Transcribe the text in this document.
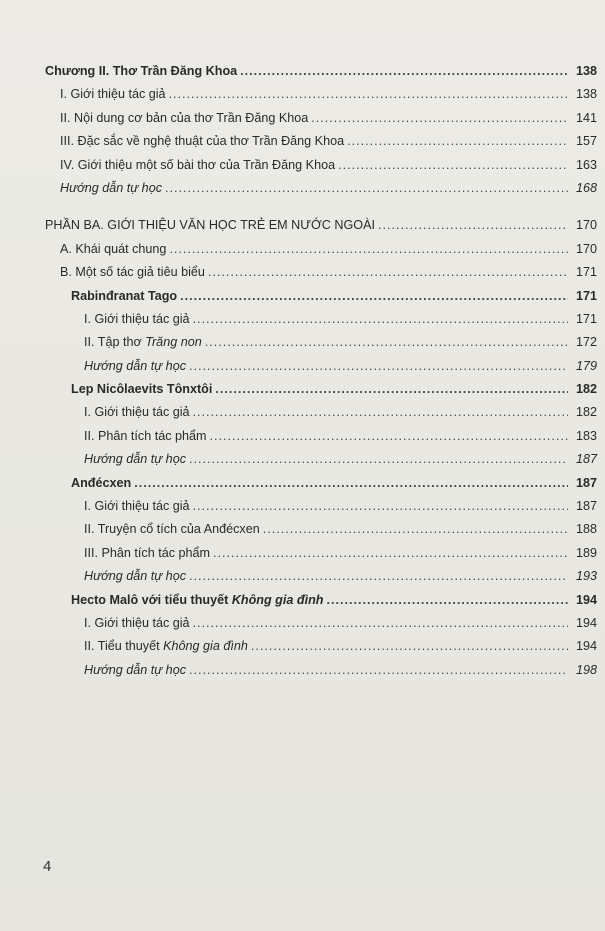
Chương II. Thơ Trần Đăng Khoa .....	138
I. Giới thiệu tác giả .....	138
II. Nội dung cơ bản của thơ Trần Đăng Khoa .....	141
III. Đặc sắc về nghệ thuật của thơ Trần Đăng Khoa .....	157
IV. Giới thiệu một số bài thơ của Trần Đăng Khoa .....	163
Hướng dẫn tự học .....	168
PHẦN BA. GIỚI THIỆU VĂN HỌC TRẺ EM NƯỚC NGOÀI .....	170
A. Khái quát chung .....	170
B. Một số tác giả tiêu biểu .....	171
Rabinđranat Tago .....	171
I. Giới thiệu tác giả .....	171
II. Tập thơ Trăng non .....	172
Hướng dẫn tự học .....	179
Lep Nicôlaevits Tônxtôi .....	182
I. Giới thiệu tác giả .....	182
II. Phân tích tác phẩm .....	183
Hướng dẫn tự học .....	187
Anđécxen .....	187
I. Giới thiệu tác giả .....	187
II. Truyện cổ tích của Anđécxen .....	188
III. Phân tích tác phẩm .....	189
Hướng dẫn tự học .....	193
Hecto Malô với tiểu thuyết Không gia đình .....	194
I. Giới thiệu tác giả .....	194
II. Tiểu thuyết Không gia đình .....	194
Hướng dẫn tự học .....	198
4
